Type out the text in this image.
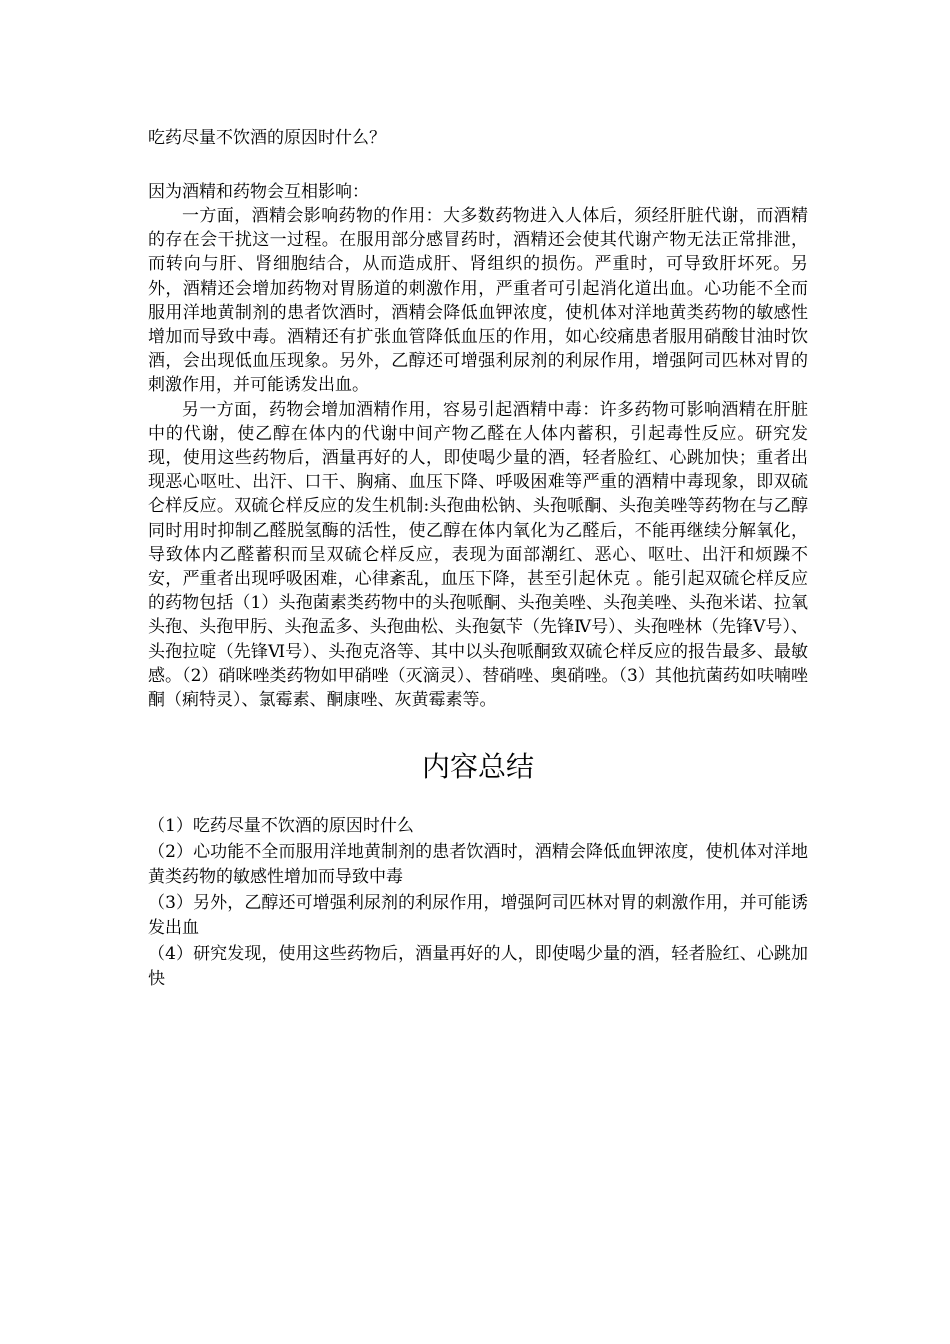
吃药尽量不饮酒的原因时什么？

因为酒精和药物会互相影响：

一方面，酒精会影响药物的作用：大多数药物进入人体后，须经肝脏代谢，而酒精的存在会干扰这一过程。在服用部分感冒药时，酒精还会使其代谢产物无法正常排泄，而转向与肝、肾细胞结合，从而造成肝、肾组织的损伤。严重时，可导致肝坏死。另外，酒精还会增加药物对胃肠道的刺激作用，严重者可引起消化道出血。心功能不全而服用洋地黄制剂的患者饮酒时，酒精会降低血钾浓度，使机体对洋地黄类药物的敏感性增加而导致中毒。酒精还有扩张血管降低血压的作用，如心绞痛患者服用硝酸甘油时饮酒，会出现低血压现象。另外，乙醇还可增强利尿剂的利尿作用，增强阿司匹林对胃的刺激作用，并可能诱发出血。

另一方面，药物会增加酒精作用，容易引起酒精中毒：许多药物可影响酒精在肝脏中的代谢，使乙醇在体内的代谢中间产物乙醛在人体内蓄积，引起毒性反应。研究发现，使用这些药物后，酒量再好的人，即使喝少量的酒，轻者脸红、心跳加快；重者出现恶心呕吐、出汗、口干、胸痛、血压下降、呼吸困难等严重的酒精中毒现象，即双硫仑样反应。双硫仑样反应的发生机制:头孢曲松钠、头孢哌酮、头孢美唑等药物在与乙醇同时用时抑制乙醛脱氢酶的活性，使乙醇在体内氧化为乙醛后，不能再继续分解氧化，导致体内乙醛蓄积而呈双硫仑样反应，表现为面部潮红、恶心、呕吐、出汗和烦躁不安，严重者出现呼吸困难，心律紊乱，血压下降，甚至引起休克 。能引起双硫仑样反应的药物包括（1）头孢菌素类药物中的头孢哌酮、头孢美唑、头孢美唑、头孢米诺、拉氧头孢、头孢甲肟、头孢孟多、头孢曲松、头孢氨苄（先锋Ⅳ号）、头孢唑林（先锋Ⅴ号）、头孢拉啶（先锋Ⅵ号）、头孢克洛等、其中以头孢哌酮致双硫仑样反应的报告最多、最敏感。（2）硝咪唑类药物如甲硝唑（灭滴灵）、替硝唑、奥硝唑。（3）其他抗菌药如呋喃唑酮（痢特灵）、氯霉素、酮康唑、灰黄霉素等。

内容总结
（1）吃药尽量不饮酒的原因时什么
（2）心功能不全而服用洋地黄制剂的患者饮酒时，酒精会降低血钾浓度，使机体对洋地黄类药物的敏感性增加而导致中毒
（3）另外，乙醇还可增强利尿剂的利尿作用，增强阿司匹林对胃的刺激作用，并可能诱发出血
（4）研究发现，使用这些药物后，酒量再好的人，即使喝少量的酒，轻者脸红、心跳加快
